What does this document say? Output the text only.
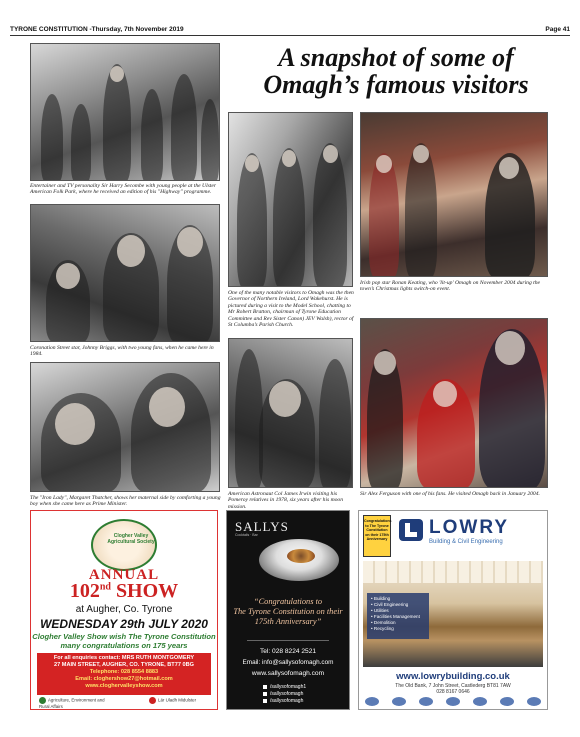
TYRONE CONSTITUTION -Thursday, 7th November 2019	Page 41
A snapshot of some of
Omagh’s famous visitors
Entertainer and TV personality Sir Harry Secombe with young people at the Ulster American Folk Park, where he received an edition of his "Highway" programme.
One of the many notable visitors to Omagh was the then Governor of Northern Ireland, Lord Wakehurst. He is pictured during a visit to the Model School, chatting to Mr Robert Bratton, chairman of Tyrone Education Committee and Rev Sister Canon) JEV Walsh), rector of St Columba’s Parish Church.
Irish pop star Ronan Keating, who 'lit-up' Omagh on November 2004 during the town’s Christmas lights switch-on event.
Coronation Street star, Johnny Briggs, with two young fans, when he came here in 1984.
The "Iron Lady", Margaret Thatcher, shows her maternal side by comforting a young boy when she came here as Prime Minister.
American Astronaut Col James Irwin visiting his Pomeroy relatives in 1978, six years after his moon mission.
Sir Alex Ferguson with one of his fans. He visited Omagh back in January 2004.
Clogher Valley Agricultural Society
ANNUAL
102nd SHOW
at Augher, Co. Tyrone
WEDNESDAY 29th JULY 2020
Clogher Valley Show wish The Tyrone Constitution
many congratulations on 175 years
For all enquiries contact: MRS RUTH MONTGOMERY
27 MAIN STREET, AUGHER, CO. TYRONE, BT77 0BG
Telephone: 028 8554 8883
Email: cloghershow27@hotmail.com
www.cloghervalleyshow.com
Agriculture, Environment and Rural Affairs
Lár Uladh Midulster
SALLYS
Cocktails · Bar
“Congratulations to
The Tyrone Constitution on their
175th Anniversary”
Tel: 028 8224 2521
Email: info@sallysofomagh.com
www.sallysofomagh.com
/sallysofomagh1
/sallysofomagh
/sallysofomagh
Congratulations to The Tyrone Constitution on their 175th Anniversary
LOWRY
Building & Civil Engineering
• Building
• Civil Engineering
• Utilities
• Facilities Management
• Demolition
• Recycling
www.lowrybuilding.co.uk
The Old Bank, 7 John Street, Castlederg BT81 7AW
028 8167 0646
